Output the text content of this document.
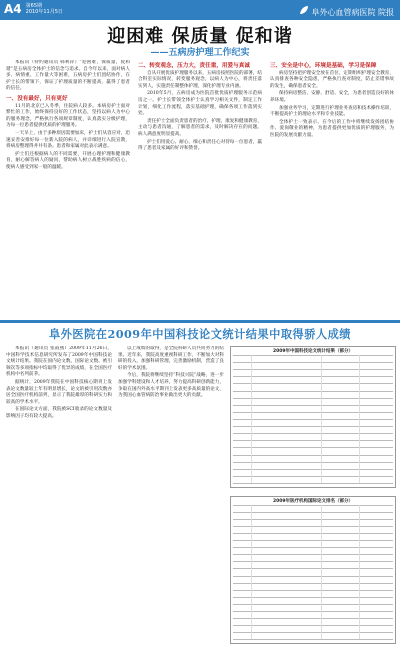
A4 第65期
2010年11月5日	阜外心血管病医院 院报
迎困难 保质量 促和谐
——五病房护理工作纪实

本报讯（特约通讯员 韩利萍）“迎困难，保质量，促和谐”是五病房全体护士的信念与追求。自今年以来，面对病人多、病情重、工作量大等困难，五病房护士们团结协作，在护士长的带领下，保证了护理质量的不断提高，赢得了患者的信任。

一、没有最好，只有更好

11月的北京已入冬季，住院病人较多。本病房护士面对繁忙的工作，始终保持良好的工作状态，坚持以病人为中心的服务理念，严格执行各项规章制度，认真落实分级护理，为每一位患者提供优质的护理服务。

一天早上，由于多种原因需要加床，护士们从容应对，迅速妥善安排好每一位新入院的病人，并详细进行入院宣教，将病房整理得井井有条。患者和家属对此表示满意。

护士们还根据病人的不同需要，开展心理护理和健康教育，耐心解答病人的疑问，帮助病人树立战胜疾病的信心，使病人感受到家一般的温暖。

二、转变观念，压力大，责任重，用爱与真诚

自从开展优质护理服务以来，五病房按照医院的部署，结合科室实际情况，转变服务观念，以病人为中心，将责任落实到人，实施责任制整体护理，深化护理专业内涵。

2010年5月，五病房成为医院首批优质护理服务示范病房之一。护士长带领全体护士认真学习相关文件，制定工作计划，细化工作流程，落实基础护理，确保各项工作落到实处。

责任护士全面负责患者的治疗、护理、康复和健康教育，主动与患者沟通，了解患者的需求，及时解决存在的问题。病人满意度明显提高。

护士们用爱心、耐心、细心和责任心对待每一位患者，赢得了患者及家属的好评和赞誉。

三、安全是中心，环境是基础，学习是保障

病房坚持把护理安全放在首位，定期组织护理安全教育，认真排查各种安全隐患，严格执行查对制度，防止差错事故的发生，确保患者安全。

保持病房整洁、安静、舒适、安全，为患者创造良好的休养环境。

加强业务学习，定期进行护理业务查房和技术操作培训，不断提高护士的理论水平和专业技能。

全体护士一致表示，在今后的工作中将继续发扬团结协作、爱岗敬业的精神，为患者提供更加优质的护理服务，为医院的发展贡献力量。

阜外医院在2009年中国科技论文统计结果中取得骄人成绩

本报讯（通讯员 张霞燕）2009年11月26日，中国科学技术信息研究所发布了2009年中国科技论文统计结果。我院在国内论文数、国际论文数、被引频次等多项指标中均取得了优异的成绩，在全国医疗机构中名列前茅。

据统计，2009年我院在中国科技核心期刊上发表论文数量较上年有明显增长，论文的被引用次数亦居全国医疗机构前列，显示了我院雄厚的科研实力和较高的学术水平。

在国际论文方面，我院被SCI收录的论文数量及影响因子均有较大提高。

以上成绩的取得，是全院科研人员共同努力的结果。近年来，我院高度重视科研工作，不断加大对科研的投入，加强科研管理，完善激励机制，营造了良好的学术氛围。

今后，我院将继续坚持“科技兴院”战略，进一步加强学科建设和人才培养，努力提高科研创新能力，争取在国内外高水平期刊上发表更多高质量的论文，为我国心血管病防治事业做出更大的贡献。

2009年中国科技论文统计结果（部分）
2009年医疗机构国际论文排名（部分）
